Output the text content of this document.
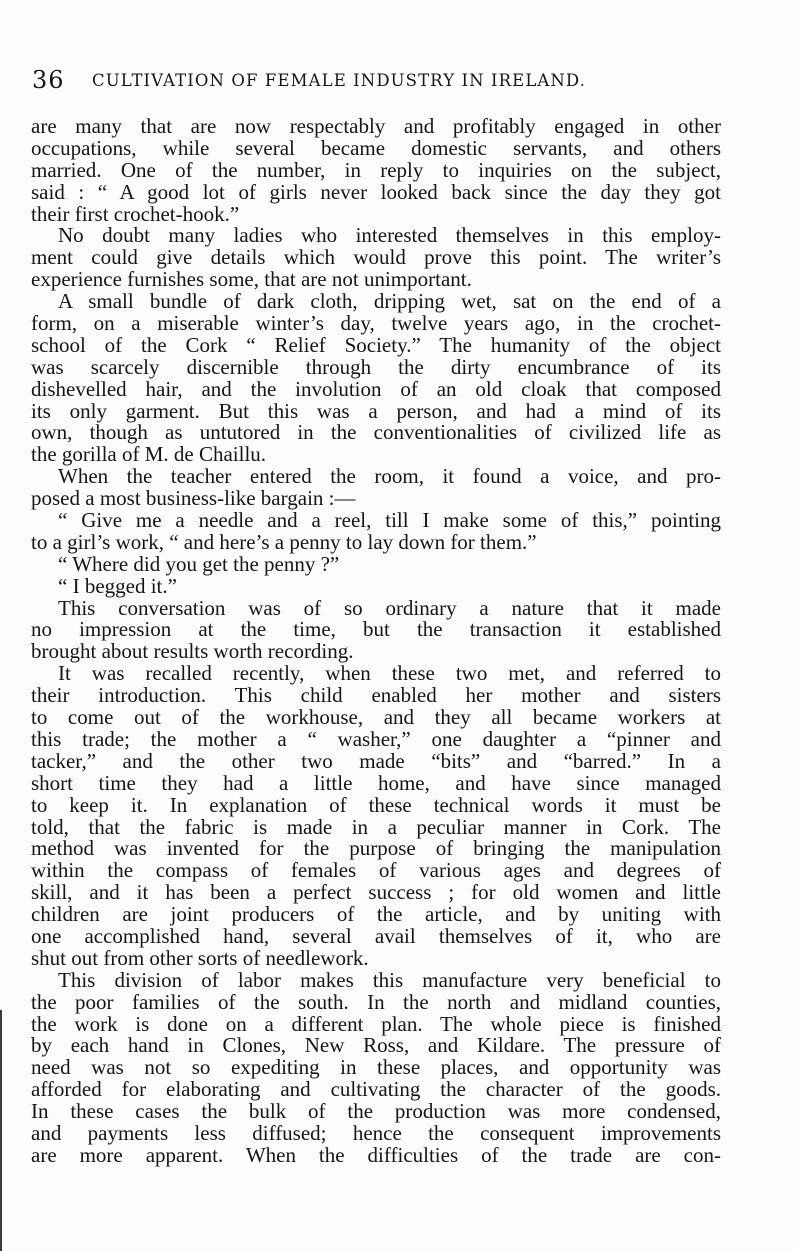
36 CULTIVATION OF FEMALE INDUSTRY IN IRELAND.
are many that are now respectably and profitably engaged in other
occupations, while several became domestic servants, and others
married. One of the number, in reply to inquiries on the subject,
said : “ A good lot of girls never looked back since the day they got
their first crochet-hook.”
No doubt many ladies who interested themselves in this employ-
ment could give details which would prove this point. The writer’s
experience furnishes some, that are not unimportant.
A small bundle of dark cloth, dripping wet, sat on the end of a
form, on a miserable winter’s day, twelve years ago, in the crochet-
school of the Cork “ Relief Society.” The humanity of the object
was scarcely discernible through the dirty encumbrance of its
dishevelled hair, and the involution of an old cloak that composed
its only garment. But this was a person, and had a mind of its
own, though as untutored in the conventionalities of civilized life as
the gorilla of M. de Chaillu.
When the teacher entered the room, it found a voice, and pro-
posed a most business-like bargain :—
“ Give me a needle and a reel, till I make some of this,” pointing
to a girl’s work, “ and here’s a penny to lay down for them.”
“ Where did you get the penny ?”
“ I begged it.”
This conversation was of so ordinary a nature that it made
no impression at the time, but the transaction it established
brought about results worth recording.
It was recalled recently, when these two met, and referred to
their introduction. This child enabled her mother and sisters
to come out of the workhouse, and they all became workers at
this trade; the mother a “ washer,” one daughter a “pinner and
tacker,” and the other two made “bits” and “barred.” In a
short time they had a little home, and have since managed
to keep it. In explanation of these technical words it must be
told, that the fabric is made in a peculiar manner in Cork. The
method was invented for the purpose of bringing the manipulation
within the compass of females of various ages and degrees of
skill, and it has been a perfect success ; for old women and little
children are joint producers of the article, and by uniting with
one accomplished hand, several avail themselves of it, who are
shut out from other sorts of needlework.
This division of labor makes this manufacture very beneficial to
the poor families of the south. In the north and midland counties,
the work is done on a different plan. The whole piece is finished
by each hand in Clones, New Ross, and Kildare. The pressure of
need was not so expediting in these places, and opportunity was
afforded for elaborating and cultivating the character of the goods.
In these cases the bulk of the production was more condensed,
and payments less diffused; hence the consequent improvements
are more apparent. When the difficulties of the trade are con-
